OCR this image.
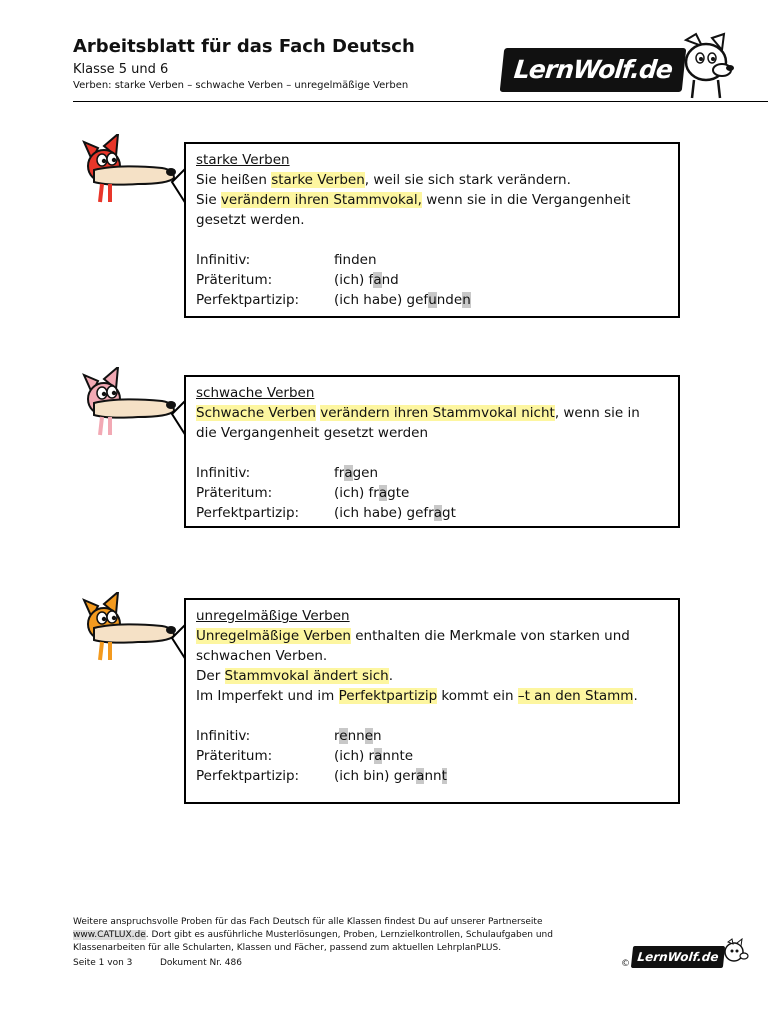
Arbeitsblatt für das Fach Deutsch
Klasse 5 und 6
Verben: starke Verben – schwache Verben – unregelmäßige Verben
LernWolf.de
starke Verben
Sie heißen starke Verben, weil sie sich stark verändern.
Sie verändern ihren Stammvokal, wenn sie in die Vergangenheit
gesetzt werden.
Infinitiv:	fnden
Präteritum:	(ich) fand
Perfektpartizip:	(ich habe) gefunden
schwache Verben
Schwache Verben verändern ihren Stammvokal nicht, wenn sie in
die Vergangenheit gesetzt werden
Infinitiv:	fragen
Präteritum:	(ich) fragte
Perfektpartizip:	(ich habe) gefragt
unregelmäßige Verben
Unregelmäßige Verben enthalten die Merkmale von starken und
schwachen Verben.
Der Stammvokal ändert sich.
Im Imperfekt und im Perfektpartizip kommt ein –t an den Stamm.
Infinitiv:	rennen
Präteritum:	(ich) rannte
Perfektpartizip:	(ich bin) gerannt

Weitere anspruchsvolle Proben für das Fach Deutsch für alle Klassen findest Du auf unserer Partnerseite

www.CATLUX.de. Dort gibt es ausführliche Musterlösungen, Proben, Lernzielkontrollen, Schulaufgaben und

Klassenarbeiten für alle Schularten, Klassen und Fächer, passend zum aktuellen LehrplanPLUS.

Seite 1 von 3	Dokument Nr. 486	© LernWolf.de
